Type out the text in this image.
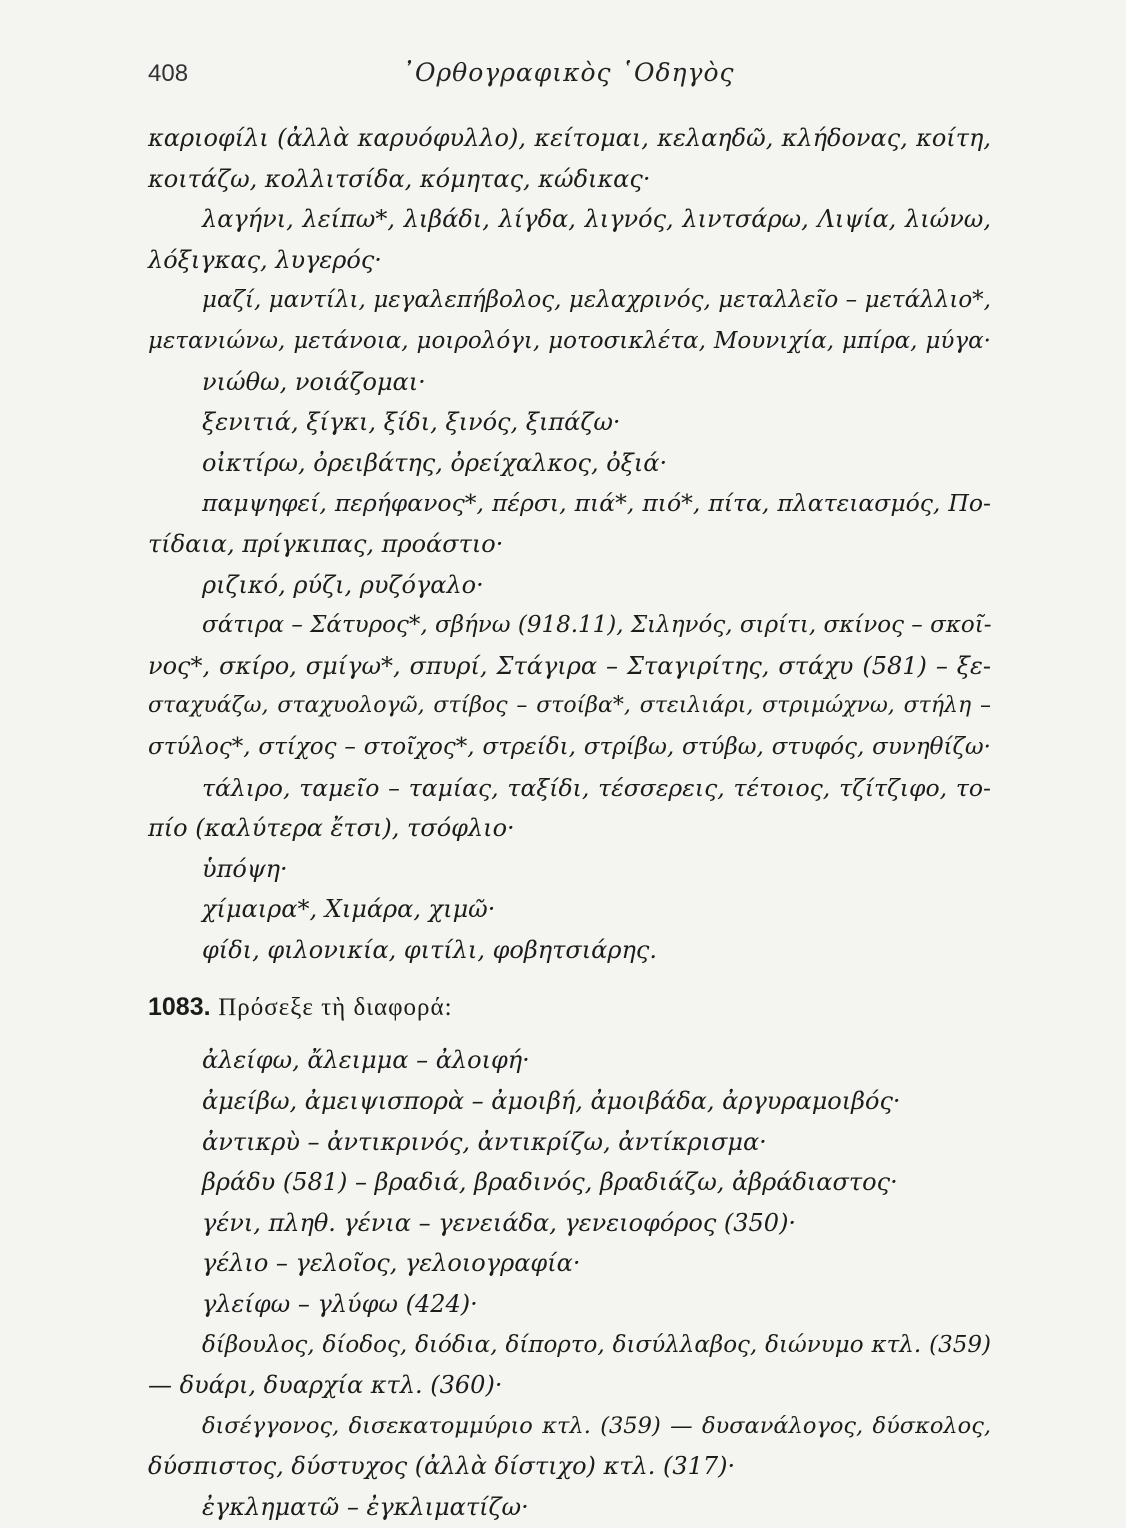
408	᾿Ορθογραφικὸς ῾Οδηγὸς
καριοφίλι (ἀλλὰ καρυόφυλλο), κείτομαι, κελαηδῶ, κλήδονας, κοίτη,
κοιτάζω, κολλιτσίδα, κόμητας, κώδικας·
λαγήνι, λείπω*, λιβάδι, λίγδα, λιγνός, λιντσάρω, Λιψία, λιώνω,
λόξιγκας, λυγερός·
μαζί, μαντίλι, μεγαλεπήβολος, μελαχρινός, μεταλλεῖο – μετάλλιο*,
μετανιώνω, μετάνοια, μοιρολόγι, μοτοσικλέτα, Μουνιχία, μπίρα, μύγα·
νιώθω, νοιάζομαι·
ξενιτιά, ξίγκι, ξίδι, ξινός, ξιπάζω·
οἰκτίρω, ὀρειβάτης, ὀρείχαλκος, ὀξιά·
παμψηφεί, περήφανος*, πέρσι, πιά*, πιό*, πίτα, πλατειασμός, Πο-
τίδαια, πρίγκιπας, προάστιο·
ριζικό, ρύζι, ρυζόγαλο·
σάτιρα – Σάτυρος*, σβήνω (918.11), Σιληνός, σιρίτι, σκίνος – σκοῖ-
νος*, σκίρο, σμίγω*, σπυρί, Στάγιρα – Σταγιρίτης, στάχυ (581) – ξε-
σταχυάζω, σταχυολογῶ, στίβος – στοίβα*, στειλιάρι, στριμώχνω, στήλη –
στύλος*, στίχος – στοῖχος*, στρείδι, στρίβω, στύβω, στυφός, συνηθίζω·
τάλιρο, ταμεῖο – ταμίας, ταξίδι, τέσσερεις, τέτοιος, τζίτζιφο, το-
πίο (καλύτερα ἔτσι), τσόφλιο·
ὑπόψη·
χίμαιρα*, Χιμάρα, χιμῶ·
φίδι, φιλονικία, φιτίλι, φοβητσιάρης.
1083. Πρόσεξε τὴ διαφορά:
ἀλείφω, ἄλειμμα – ἀλοιφή·
ἀμείβω, ἀμειψισπορὰ – ἀμοιβή, ἀμοιβάδα, ἀργυραμοιβός·
ἀντικρὺ – ἀντικρινός, ἀντικρίζω, ἀντίκρισμα·
βράδυ (581) – βραδιά, βραδινός, βραδιάζω, ἀβράδιαστος·
γένι, πληθ. γένια – γενειάδα, γενειοφόρος (350)·
γέλιο – γελοῖος, γελοιογραφία·
γλείφω – γλύφω (424)·
δίβουλος, δίοδος, διόδια, δίπορτο, δισύλλαβος, διώνυμο κτλ. (359)
— δυάρι, δυαρχία κτλ. (360)·
δισέγγονος, δισεκατομμύριο κτλ. (359) — δυσανάλογος, δύσκολος,
δύσπιστος, δύστυχος (ἀλλὰ δίστιχο) κτλ. (317)·
ἐγκληματῶ – ἐγκλιματίζω·
